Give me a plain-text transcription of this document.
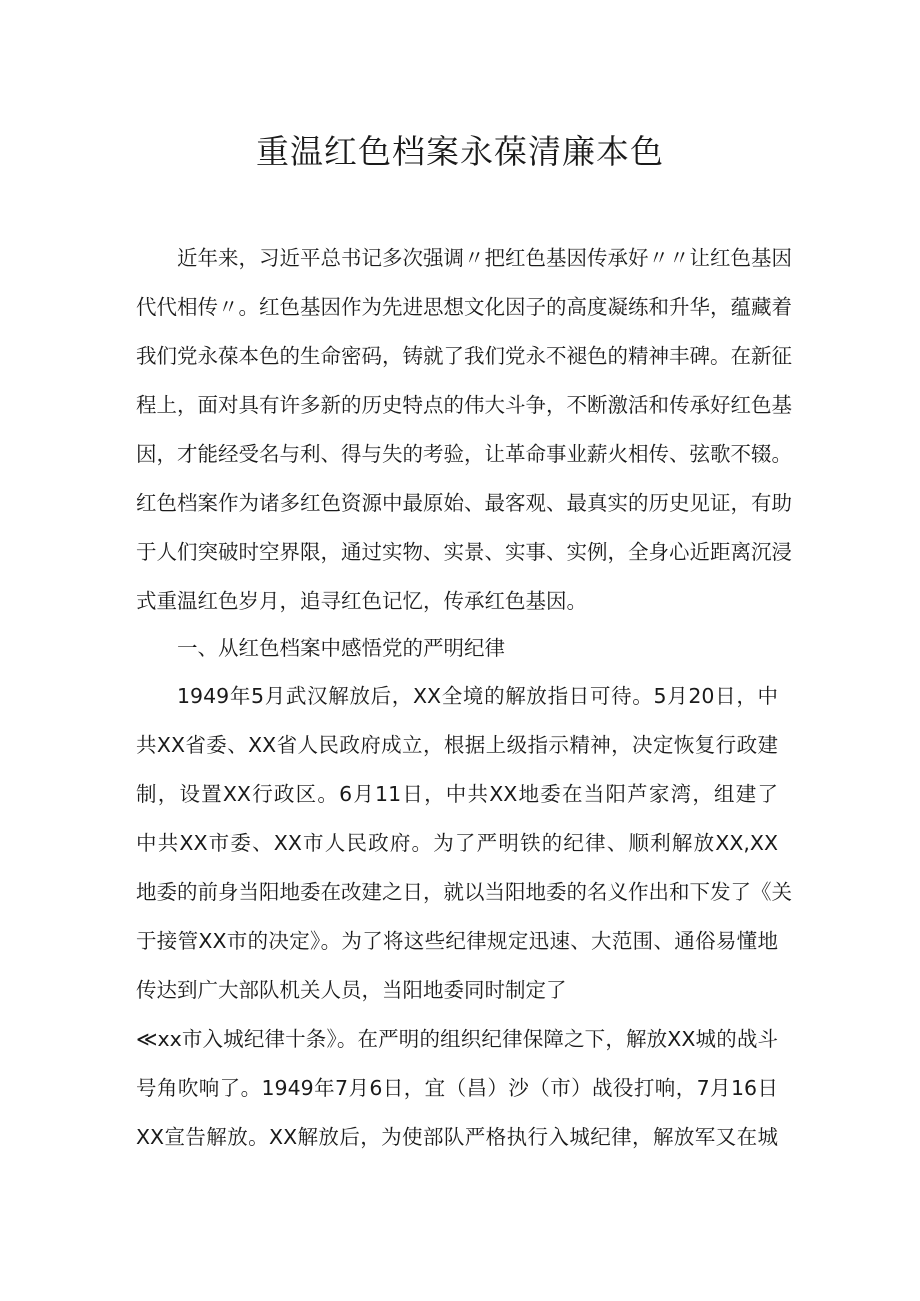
重温红色档案永葆清廉本色

近年来，习近平总书记多次强调〃把红色基因传承好〃〃让红色基因

代代相传〃。红色基因作为先进思想文化因子的高度凝练和升华，蕴藏着

我们党永葆本色的生命密码，铸就了我们党永不褪色的精神丰碑。在新征

程上，面对具有许多新的历史特点的伟大斗争，不断激活和传承好红色基

因，才能经受名与利、得与失的考验，让革命事业薪火相传、弦歌不辍。

红色档案作为诸多红色资源中最原始、最客观、最真实的历史见证，有助

于人们突破时空界限，通过实物、实景、实事、实例，全身心近距离沉浸

式重温红色岁月，追寻红色记忆，传承红色基因。

一、从红色档案中感悟党的严明纪律

1949年5月武汉解放后，XX全境的解放指日可待。5月20日，中

共XX省委、XX省人民政府成立，根据上级指示精神，决定恢复行政建

制，设置XX行政区。6月11日，中共XX地委在当阳芦家湾，组建了

中共XX市委、XX市人民政府。为了严明铁的纪律、顺利解放XX,XX

地委的前身当阳地委在改建之日，就以当阳地委的名义作出和下发了《关

于接管XX市的决定》。为了将这些纪律规定迅速、大范围、通俗易懂地

传达到广大部队机关人员，当阳地委同时制定了

≪xx市入城纪律十条》。在严明的组织纪律保障之下，解放XX城的战斗

号角吹响了。1949年7月6日，宜（昌）沙（市）战役打响，7月16日

XX宣告解放。XX解放后，为使部队严格执行入城纪律，解放军又在城
